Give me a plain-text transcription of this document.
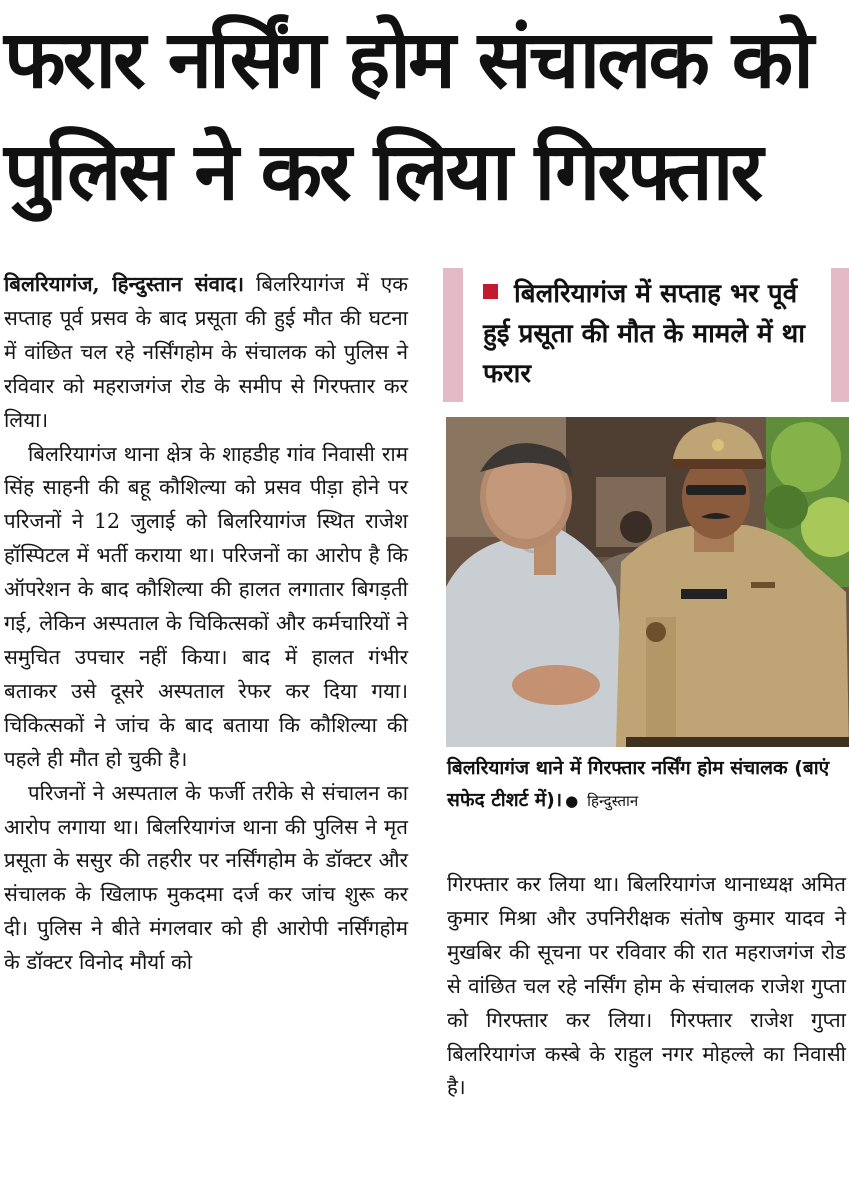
फरार नर्सिंग होम संचालक को
पुलिस ने कर लिया गिरफ्तार

बिलरियागंज, हिन्दुस्तान संवाद। बिलरियागंज में एक सप्ताह पूर्व प्रसव के बाद प्रसूता की हुई मौत की घटना में वांछित चल रहे नर्सिंगहोम के संचालक को पुलिस ने रविवार को महराजगंज रोड के समीप से गिरफ्तार कर लिया।

बिलरियागंज थाना क्षेत्र के शाहडीह गांव निवासी राम सिंह साहनी की बहू कौशिल्या को प्रसव पीड़ा होने पर परिजनों ने 12 जुलाई को बिलरियागंज स्थित राजेश हॉस्पिटल में भर्ती कराया था। परिजनों का आरोप है कि ऑपरेशन के बाद कौशिल्या की हालत लगातार बिगड़ती गई, लेकिन अस्पताल के चिकित्सकों और कर्मचारियों ने समुचित उपचार नहीं किया। बाद में हालत गंभीर बताकर उसे दूसरे अस्पताल रेफर कर दिया गया। चिकित्सकों ने जांच के बाद बताया कि कौशिल्या की पहले ही मौत हो चुकी है।

परिजनों ने अस्पताल के फर्जी तरीके से संचालन का आरोप लगाया था। बिलरियागंज थाना की पुलिस ने मृत प्रसूता के ससुर की तहरीर पर नर्सिंगहोम के डॉक्टर और संचालक के खिलाफ मुकदमा दर्ज कर जांच शुरू कर दी। पुलिस ने बीते मंगलवार को ही आरोपी नर्सिंगहोम के डॉक्टर विनोद मौर्या को

बिलरियागंज में सप्ताह भर पूर्व हुई प्रसूता की मौत के मामले में था फरार
बिलरियागंज थाने में गिरफ्तार नर्सिंग होम संचालक (बाएं सफेद टीशर्ट में)। ● हिन्दुस्तान

गिरफ्तार कर लिया था। बिलरियागंज थानाध्यक्ष अमित कुमार मिश्रा और उपनिरीक्षक संतोष कुमार यादव ने मुखबिर की सूचना पर रविवार की रात महराजगंज रोड से वांछित चल रहे नर्सिंग होम के संचालक राजेश गुप्ता को गिरफ्तार कर लिया। गिरफ्तार राजेश गुप्ता बिलरियागंज कस्बे के राहुल नगर मोहल्ले का निवासी है।
